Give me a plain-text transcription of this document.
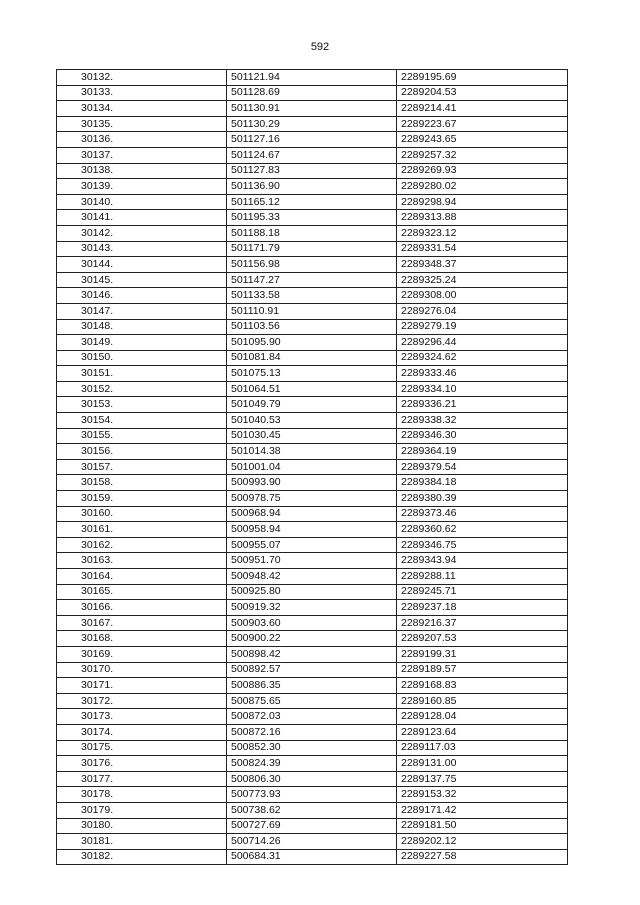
592
30132.	501121.94	2289195.69
30133.	501128.69	2289204.53
30134.	501130.91	2289214.41
30135.	501130.29	2289223.67
30136.	501127.16	2289243.65
30137.	501124.67	2289257.32
30138.	501127.83	2289269.93
30139.	501136.90	2289280.02
30140.	501165.12	2289298.94
30141.	501195.33	2289313.88
30142.	501188.18	2289323.12
30143.	501171.79	2289331.54
30144.	501156.98	2289348.37
30145.	501147.27	2289325.24
30146.	501133.58	2289308.00
30147.	501110.91	2289276.04
30148.	501103.56	2289279.19
30149.	501095.90	2289296.44
30150.	501081.84	2289324.62
30151.	501075.13	2289333.46
30152.	501064.51	2289334.10
30153.	501049.79	2289336.21
30154.	501040.53	2289338.32
30155.	501030.45	2289346.30
30156.	501014.38	2289364.19
30157.	501001.04	2289379.54
30158.	500993.90	2289384.18
30159.	500978.75	2289380.39
30160.	500968.94	2289373.46
30161.	500958.94	2289360.62
30162.	500955.07	2289346.75
30163.	500951.70	2289343.94
30164.	500948.42	2289288.11
30165.	500925.80	2289245.71
30166.	500919.32	2289237.18
30167.	500903.60	2289216.37
30168.	500900.22	2289207.53
30169.	500898.42	2289199.31
30170.	500892.57	2289189.57
30171.	500886.35	2289168.83
30172.	500875.65	2289160.85
30173.	500872.03	2289128.04
30174.	500872.16	2289123.64
30175.	500852.30	2289117.03
30176.	500824.39	2289131.00
30177.	500806.30	2289137.75
30178.	500773.93	2289153.32
30179.	500738.62	2289171.42
30180.	500727.69	2289181.50
30181.	500714.26	2289202.12
30182.	500684.31	2289227.58
